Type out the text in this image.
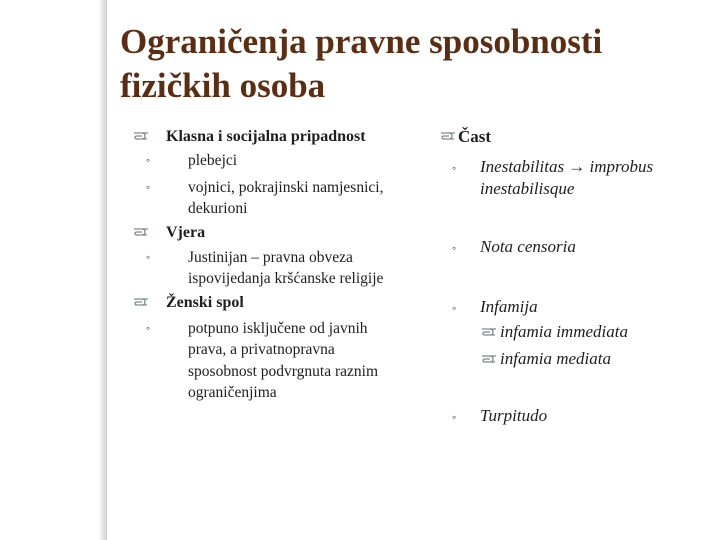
Ograničenja pravne sposobnosti fizičkih osoba

Klasna i socijalna pripadnost

◦ plebejci

◦ vojnici, pokrajinski namjesnici, dekurioni

Vjera

◦ Justinijan – pravna obveza ispovijedanja kršćanske religije

Ženski spol

◦ potpuno isključene od javnih prava, a privatnopravna sposobnost podvrgnuta raznim ograničenjima

Čast

◦ Inestabilitas → improbus inestabilisque

◦ Nota censoria

◦ Infamija

infamia immediata

infamia mediata

◦ Turpitudo
